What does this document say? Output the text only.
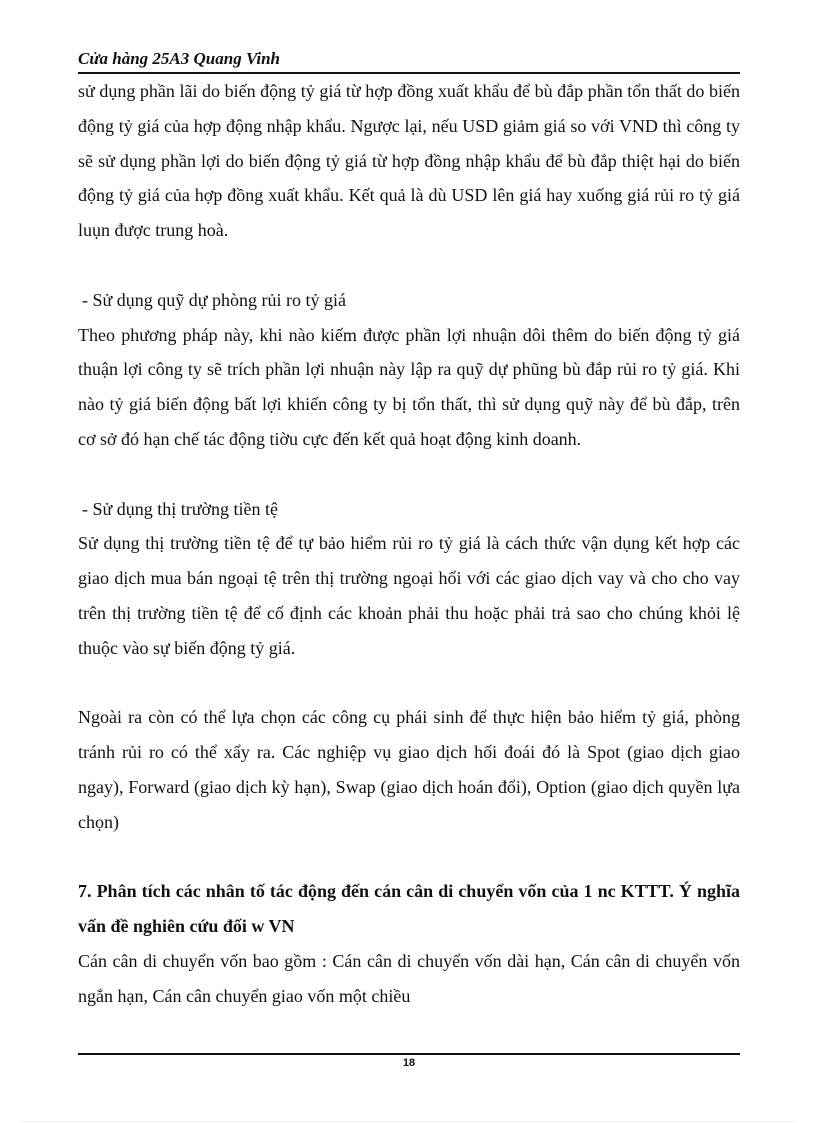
Cửa hàng 25A3 Quang Vinh

sử dụng phần lãi do biến động tỷ giá từ hợp đồng xuất khẩu để bù đắp phần tổn thất do biến động tỷ giá của hợp động nhập khẩu. Ngược lại, nếu USD giảm giá so với VND thì công ty sẽ sử dụng phần lợi do biến động tỷ giá từ hợp đồng nhập khẩu để bù đắp thiệt hại do biến động tỷ giá của hợp đồng xuất khẩu. Kết quả là dù USD lên giá hay xuống giá rủi ro tỷ giá luụn được trung hoà.

- Sử dụng quỹ dự phòng rủi ro tỷ giá

Theo phương pháp này, khi nào kiếm được phần lợi nhuận dôi thêm do biến động tỷ giá thuận lợi công ty sẽ trích phần lợi nhuận này lập ra quỹ dự phũng bù đắp rủi ro tỷ giá. Khi nào tỷ giá biến động bất lợi khiến công ty bị tổn thất, thì sử dụng quỹ này để bù đắp, trên cơ sở đó hạn chế tác động tiờu cực đến kết quả hoạt động kinh doanh.

- Sử dụng thị trường tiền tệ

Sử dụng thị trường tiền tệ để tự bảo hiểm rủi ro tỷ giá là cách thức vận dụng kết hợp các giao dịch mua bán ngoại tệ trên thị trường ngoại hối với các giao dịch vay và cho cho vay trên thị trường tiền tệ để cố định các khoản phải thu hoặc phải trả sao cho chúng khỏi lệ thuộc vào sự biến động tỷ giá.

Ngoài ra còn có thể lựa chọn các công cụ phái sinh để thực hiện bảo hiểm tỷ giá, phòng tránh rủi ro có thể xẩy ra. Các nghiệp vụ giao dịch hối đoái đó là Spot (giao dịch giao ngay), Forward (giao dịch kỳ hạn), Swap (giao dịch hoán đổi), Option (giao dịch quyền lựa chọn)

7. Phân tích các nhân tố tác động đến cán cân di chuyển vốn của 1 nc KTTT. Ý nghĩa vấn đề nghiên cứu đối w VN

Cán cân di chuyển vốn bao gồm : Cán cân di chuyển vốn dài hạn, Cán cân di chuyển vốn ngắn hạn, Cán cân chuyển giao vốn một chiều

18
